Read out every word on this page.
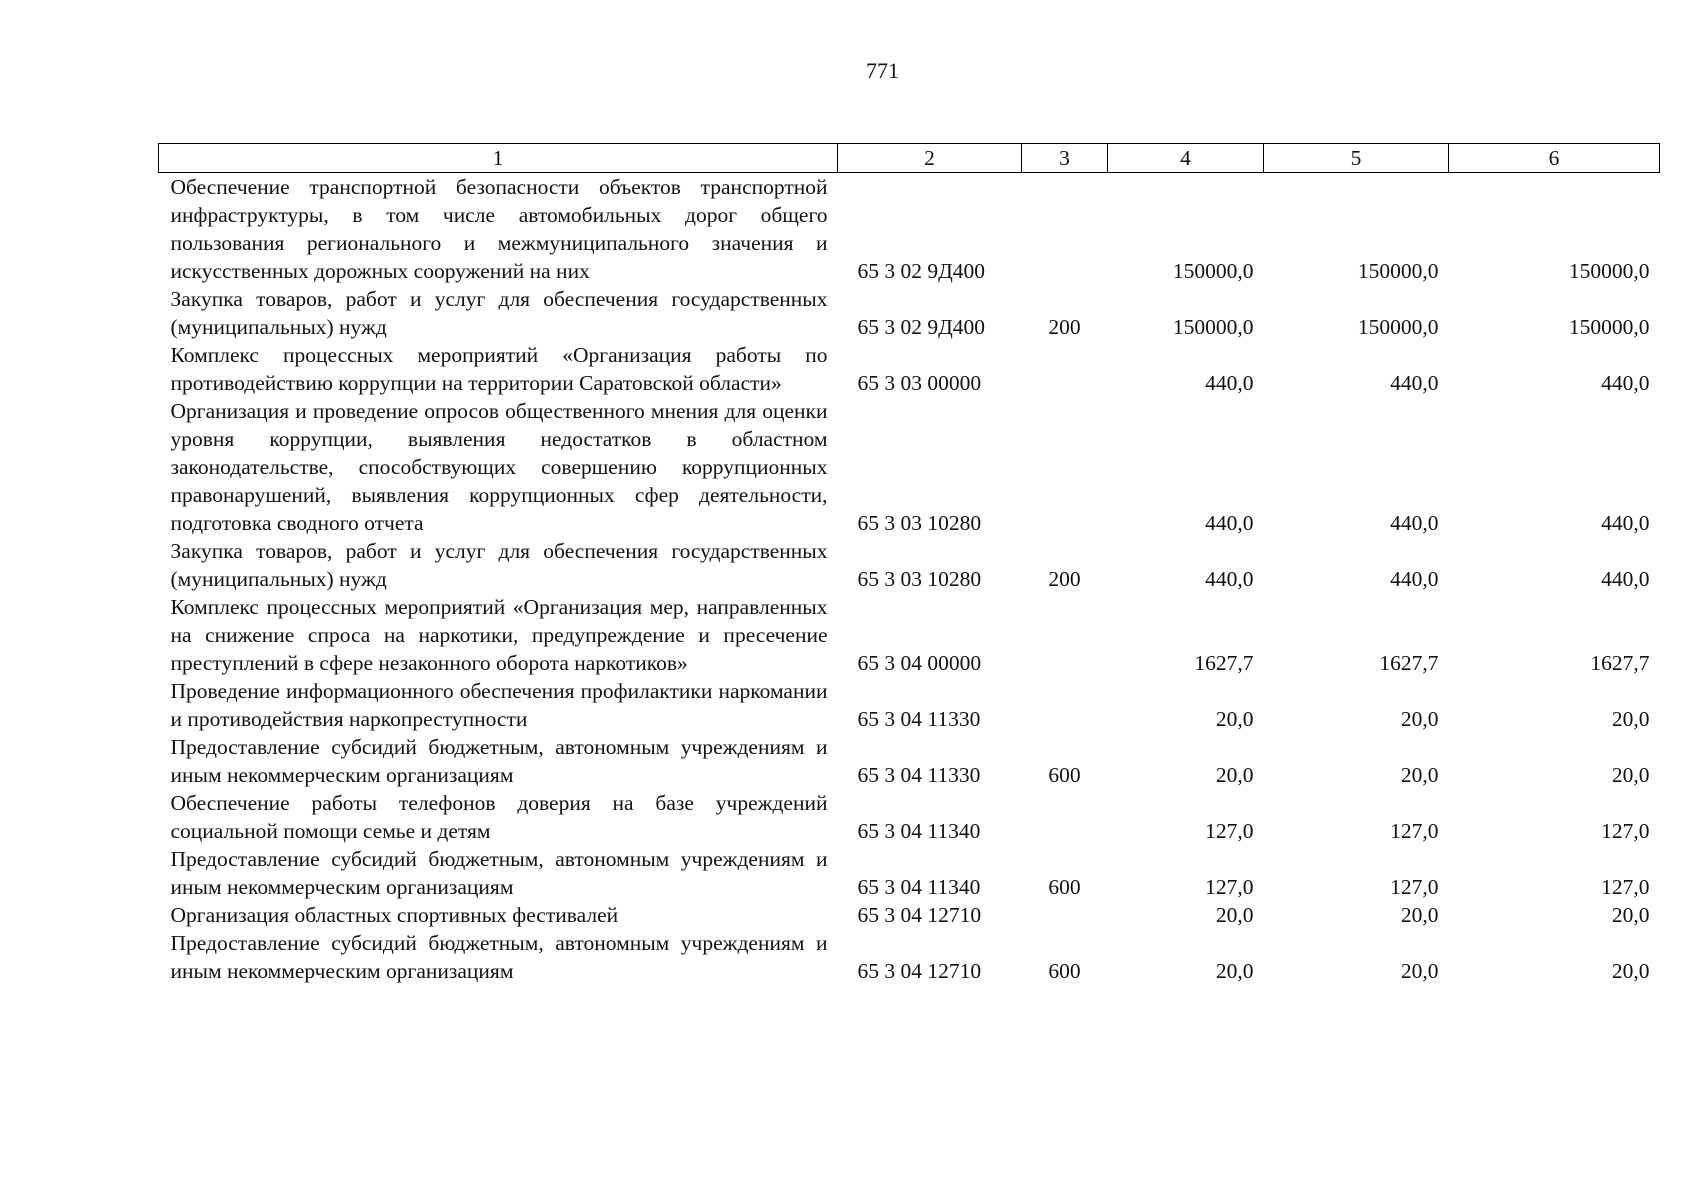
771
1	2	3	4	5	6
Обеспечение транспортной безопасности объектов транспортной инфраструктуры, в том числе автомобильных дорог общего пользования регионального и межмуниципального значения и искусственных дорожных сооружений на них	65 3 02 9Д400		150000,0	150000,0	150000,0
Закупка товаров, работ и услуг для обеспечения государственных (муниципальных) нужд	65 3 02 9Д400	200	150000,0	150000,0	150000,0
Комплекс процессных мероприятий «Организация работы по противодействию коррупции на территории Саратовской области»	65 3 03 00000		440,0	440,0	440,0
Организация и проведение опросов общественного мнения для оценки уровня коррупции, выявления недостатков в областном законодательстве, способствующих совершению коррупционных правонарушений, выявления коррупционных сфер деятельности, подготовка сводного отчета	65 3 03 10280		440,0	440,0	440,0
Закупка товаров, работ и услуг для обеспечения государственных (муниципальных) нужд	65 3 03 10280	200	440,0	440,0	440,0
Комплекс процессных мероприятий «Организация мер, направленных на снижение спроса на наркотики, предупреждение и пресечение преступлений в сфере незаконного оборота наркотиков»	65 3 04 00000		1627,7	1627,7	1627,7
Проведение информационного обеспечения профилактики наркомании и противодействия наркопреступности	65 3 04 11330		20,0	20,0	20,0
Предоставление субсидий бюджетным, автономным учреждениям и иным некоммерческим организациям	65 3 04 11330	600	20,0	20,0	20,0
Обеспечение работы телефонов доверия на базе учреждений социальной помощи семье и детям	65 3 04 11340		127,0	127,0	127,0
Предоставление субсидий бюджетным, автономным учреждениям и иным некоммерческим организациям	65 3 04 11340	600	127,0	127,0	127,0
Организация областных спортивных фестивалей	65 3 04 12710		20,0	20,0	20,0
Предоставление субсидий бюджетным, автономным учреждениям и иным некоммерческим организациям	65 3 04 12710	600	20,0	20,0	20,0
